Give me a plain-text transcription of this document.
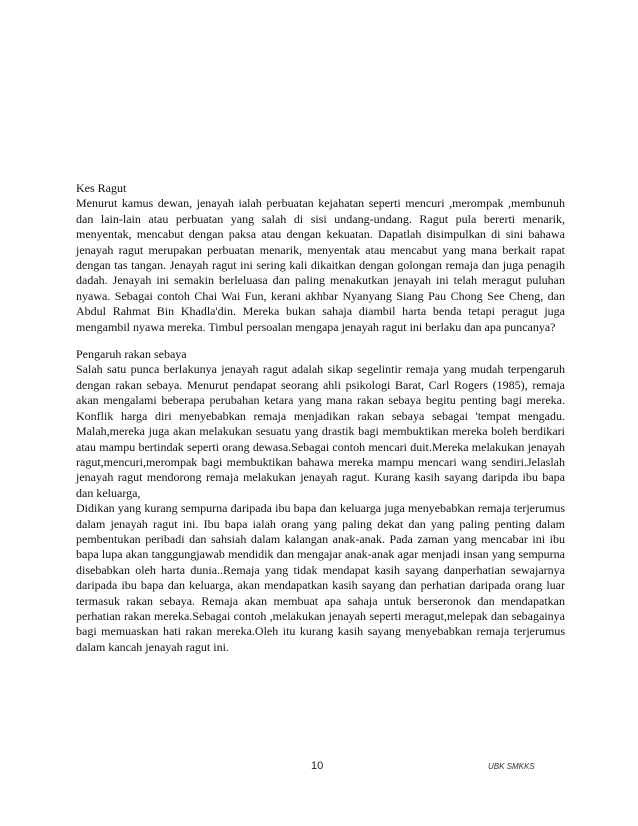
Kes Ragut

Menurut kamus dewan, jenayah ialah perbuatan kejahatan seperti mencuri ,merompak ,membunuh dan lain-lain atau perbuatan yang salah di sisi undang-undang. Ragut pula bererti menarik, menyentak, mencabut dengan paksa atau dengan kekuatan. Dapatlah disimpulkan di sini bahawa jenayah ragut merupakan perbuatan menarik, menyentak atau mencabut yang mana berkait rapat dengan tas tangan. Jenayah ragut ini sering kali dikaitkan dengan golongan remaja dan juga penagih dadah. Jenayah ini semakin berleluasa dan paling menakutkan jenayah ini telah meragut puluhan nyawa. Sebagai contoh Chai Wai Fun, kerani akhbar Nyanyang Siang Pau Chong See Cheng, dan Abdul Rahmat Bin Khadla'din. Mereka bukan sahaja diambil harta benda tetapi peragut juga mengambil nyawa mereka. Timbul persoalan mengapa jenayah ragut ini berlaku dan apa puncanya?

Pengaruh rakan sebaya

Salah satu punca berlakunya jenayah ragut adalah sikap segelintir remaja yang mudah terpengaruh dengan rakan sebaya. Menurut pendapat seorang ahli psikologi Barat, Carl Rogers (1985), remaja akan mengalami beberapa perubahan ketara yang mana rakan sebaya begitu penting bagi mereka. Konflik harga diri menyebabkan remaja menjadikan rakan sebaya sebagai 'tempat mengadu. Malah,mereka juga akan melakukan sesuatu yang drastik bagi membuktikan mereka boleh berdikari atau mampu bertindak seperti orang dewasa.Sebagai contoh mencari duit.Mereka melakukan jenayah ragut,mencuri,merompak bagi membuktikan bahawa mereka mampu mencari wang sendiri.Jelaslah jenayah ragut mendorong remaja melakukan jenayah ragut. Kurang kasih sayang daripda ibu bapa dan keluarga,

Didikan yang kurang sempurna daripada ibu bapa dan keluarga juga menyebabkan remaja terjerumus dalam jenayah ragut ini. Ibu bapa ialah orang yang paling dekat dan yang paling penting dalam pembentukan peribadi dan sahsiah dalam kalangan anak-anak. Pada zaman yang mencabar ini ibu bapa lupa akan tanggungjawab mendidik dan mengajar anak-anak agar menjadi insan yang sempurna disebabkan oleh harta dunia..Remaja yang tidak mendapat kasih sayang danperhatian sewajarnya daripada ibu bapa dan keluarga, akan mendapatkan kasih sayang dan perhatian daripada orang luar termasuk rakan sebaya. Remaja akan membuat apa sahaja untuk berseronok dan mendapatkan perhatian rakan mereka.Sebagai contoh ,melakukan jenayah seperti meragut,melepak dan sebagainya bagi memuaskan hati rakan mereka.Oleh itu kurang kasih sayang menyebabkan remaja terjerumus dalam kancah jenayah ragut ini.

10	UBK SMKKS
